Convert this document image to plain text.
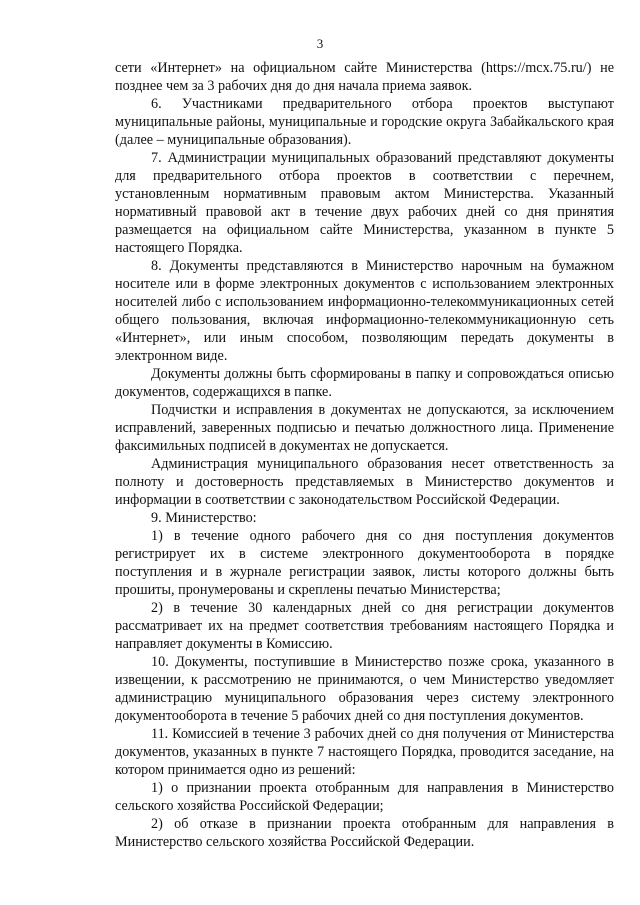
3

сети «Интернет» на официальном сайте Министерства (https://mcx.75.ru/) не позднее чем за 3 рабочих дня до дня начала приема заявок.

6. Участниками предварительного отбора проектов выступают муниципальные районы, муниципальные и городские округа Забайкальского края (далее – муниципальные образования).

7. Администрации муниципальных образований представляют документы для предварительного отбора проектов в соответствии с перечнем, установленным нормативным правовым актом Министерства. Указанный нормативный правовой акт в течение двух рабочих дней со дня принятия размещается на официальном сайте Министерства, указанном в пункте 5 настоящего Порядка.

8. Документы представляются в Министерство нарочным на бумажном носителе или в форме электронных документов с использованием электронных носителей либо с использованием информационно-телекоммуникационных сетей общего пользования, включая информационно-телекоммуникационную сеть «Интернет», или иным способом, позволяющим передать документы в электронном виде.

Документы должны быть сформированы в папку и сопровождаться описью документов, содержащихся в папке.

Подчистки и исправления в документах не допускаются, за исключением исправлений, заверенных подписью и печатью должностного лица. Применение факсимильных подписей в документах не допускается.

Администрация муниципального образования несет ответственность за полноту и достоверность представляемых в Министерство документов и информации в соответствии с законодательством Российской Федерации.

9. Министерство:

1) в течение одного рабочего дня со дня поступления документов регистрирует их в системе электронного документооборота в порядке поступления и в журнале регистрации заявок, листы которого должны быть прошиты, пронумерованы и скреплены печатью Министерства;

2) в течение 30 календарных дней со дня регистрации документов рассматривает их на предмет соответствия требованиям настоящего Порядка и направляет документы в Комиссию.

10. Документы, поступившие в Министерство позже срока, указанного в извещении, к рассмотрению не принимаются, о чем Министерство уведомляет администрацию муниципального образования через систему электронного документооборота в течение 5 рабочих дней со дня поступления документов.

11. Комиссией в течение 3 рабочих дней со дня получения от Министерства документов, указанных в пункте 7 настоящего Порядка, проводится заседание, на котором принимается одно из решений:

1) о признании проекта отобранным для направления в Министерство сельского хозяйства Российской Федерации;

2) об отказе в признании проекта отобранным для направления в Министерство сельского хозяйства Российской Федерации.
